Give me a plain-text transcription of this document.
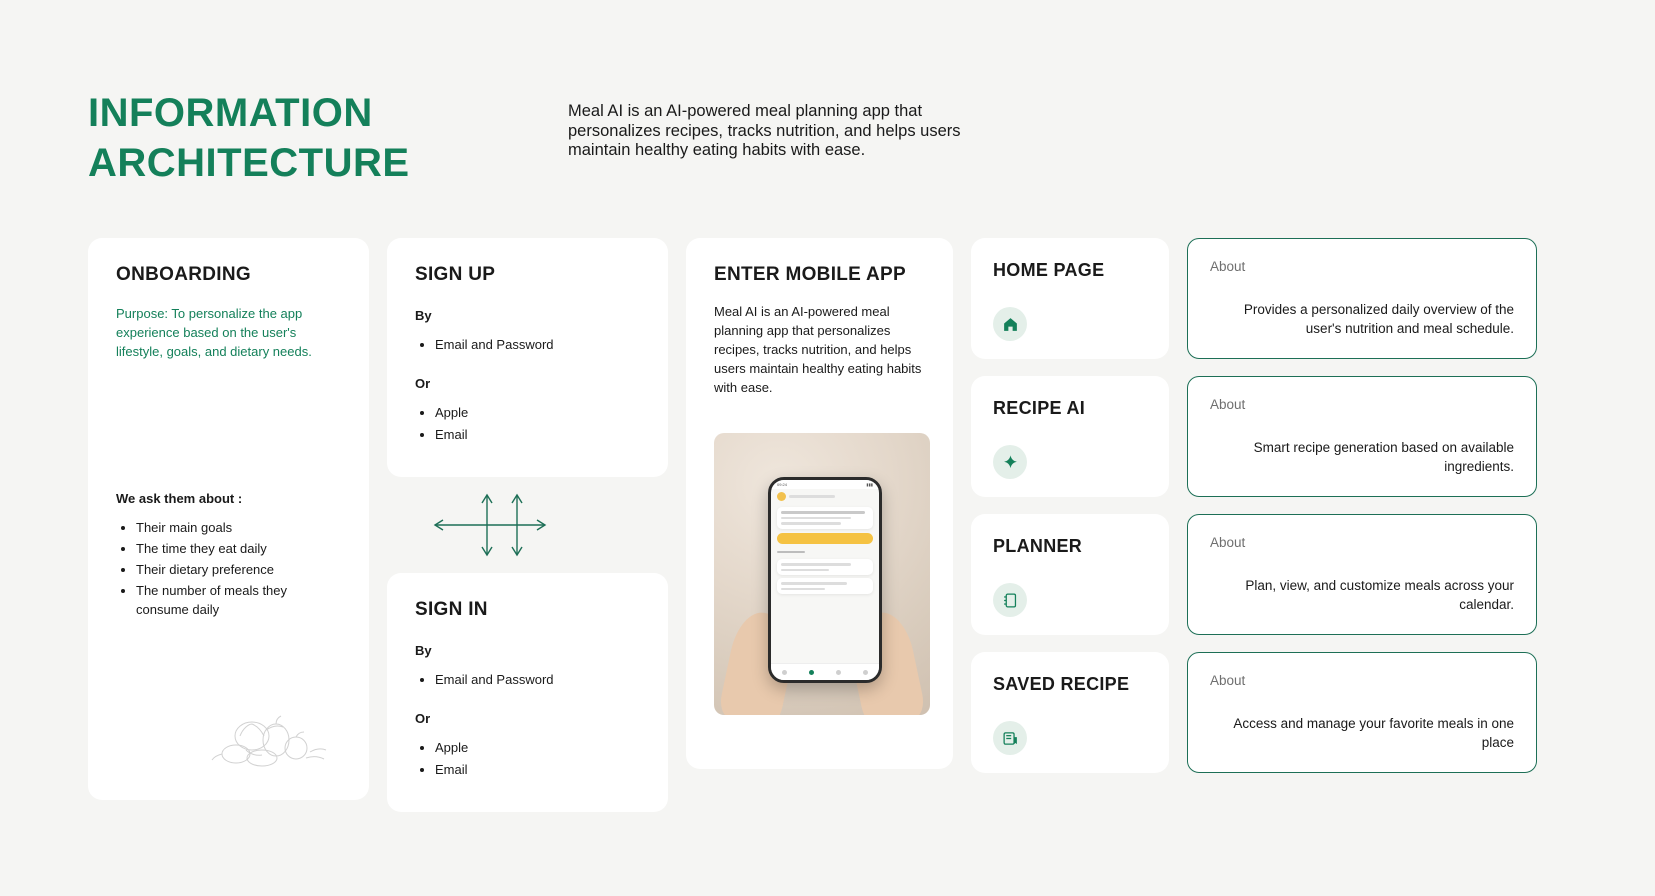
INFORMATION
ARCHITECTURE
Meal AI is an AI-powered meal planning app that personalizes recipes, tracks nutrition, and helps users maintain healthy eating habits with ease.
ONBOARDING

Purpose: To personalize the app experience based on the user's lifestyle, goals, and dietary needs.

We ask them about :

• Their main goals
• The time they eat daily
• Their dietary preference
• The number of meals they consume daily
SIGN UP
By
• Email and Password
Or
• Apple
• Email
SIGN IN
By
• Email and Password
Or
• Apple
• Email
ENTER MOBILE APP

Meal AI is an AI-powered meal planning app that personalizes recipes, tracks nutrition, and helps users maintain healthy eating habits with ease.

09:24	▮▮▮
HOME PAGE	About
Provides a personalized daily overview of the user's nutrition and meal schedule.
RECIPE AI	About
Smart recipe generation based on available ingredients.
PLANNER	About
Plan, view, and customize meals across your calendar.
SAVED RECIPE	About
Access and manage your favorite meals in one place
